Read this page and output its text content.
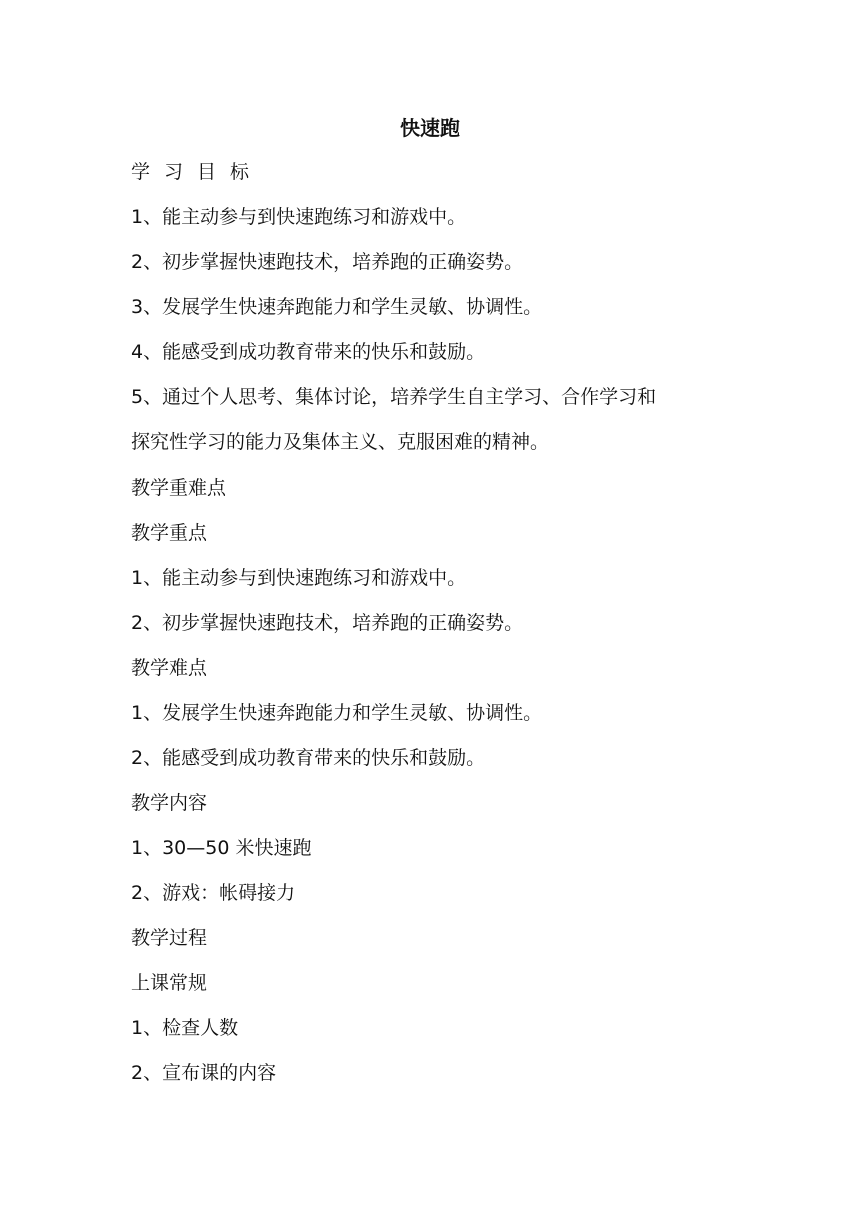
快速跑
学习目标
1、能主动参与到快速跑练习和游戏中。
2、初步掌握快速跑技术，培养跑的正确姿势。
3、发展学生快速奔跑能力和学生灵敏、协调性。
4、能感受到成功教育带来的快乐和鼓励。
5、通过个人思考、集体讨论，培养学生自主学习、合作学习和
探究性学习的能力及集体主义、克服困难的精神。
教学重难点
教学重点
1、能主动参与到快速跑练习和游戏中。
2、初步掌握快速跑技术，培养跑的正确姿势。
教学难点
1、发展学生快速奔跑能力和学生灵敏、协调性。
2、能感受到成功教育带来的快乐和鼓励。
教学内容
1、30—50 米快速跑
2、游戏：帐碍接力
教学过程
上课常规
1、检查人数
2、宣布课的内容
